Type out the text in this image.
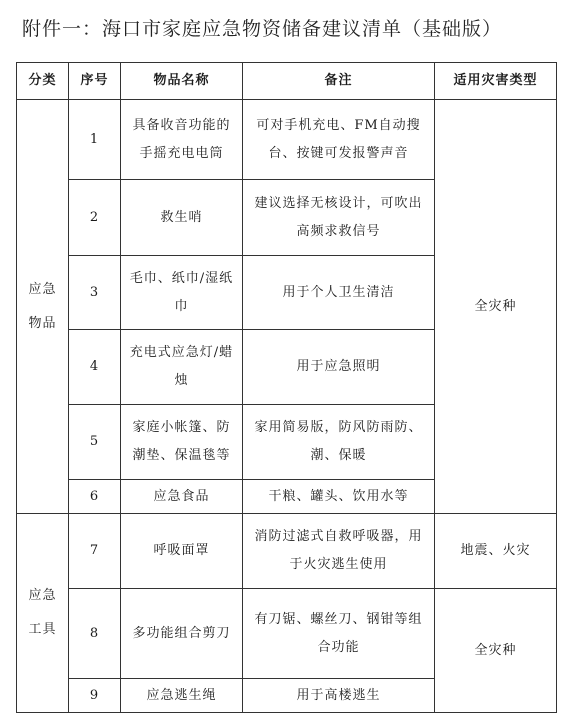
附件一：海口市家庭应急物资储备建议清单（基础版）
分类	序号	物品名称	备注	适用灾害类型
应急物品	1	具备收音功能的手摇充电电筒	可对手机充电、FM自动搜台、按键可发报警声音	全灾种
	2	救生哨	建议选择无核设计，可吹出高频求救信号	
	3	毛巾、纸巾/湿纸巾	用于个人卫生清洁	
	4	充电式应急灯/蜡烛	用于应急照明	
	5	家庭小帐篷、防潮垫、保温毯等	家用简易版，防风防雨防、潮、保暖	
	6	应急食品	干粮、罐头、饮用水等	
应急工具	7	呼吸面罩	消防过滤式自救呼吸器，用于火灾逃生使用	地震、火灾
	8	多功能组合剪刀	有刀锯、螺丝刀、钢钳等组合功能	全灾种
	9	应急逃生绳	用于高楼逃生	
